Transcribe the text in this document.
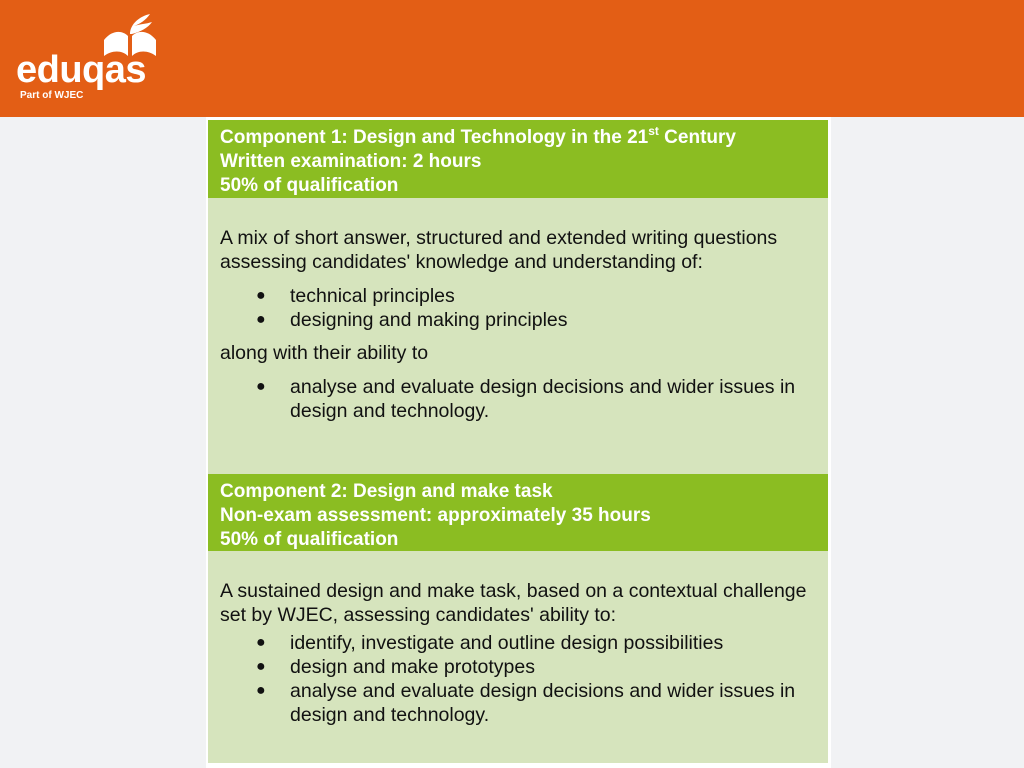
eduqas
Part of WJEC
Component 1: Design and Technology in the 21st Century
Written examination: 2 hours
50% of qualification

A mix of short answer, structured and extended writing questions assessing candidates' knowledge and understanding of:

●	technical principles
●	designing and making principles

along with their ability to

●	analyse and evaluate design decisions and wider issues in design and technology.
Component 2: Design and make task
Non-exam assessment: approximately 35 hours
50% of qualification

A sustained design and make task, based on a contextual challenge set by WJEC, assessing candidates' ability to:

●	identify, investigate and outline design possibilities
●	design and make prototypes
●	analyse and evaluate design decisions and wider issues in design and technology.
